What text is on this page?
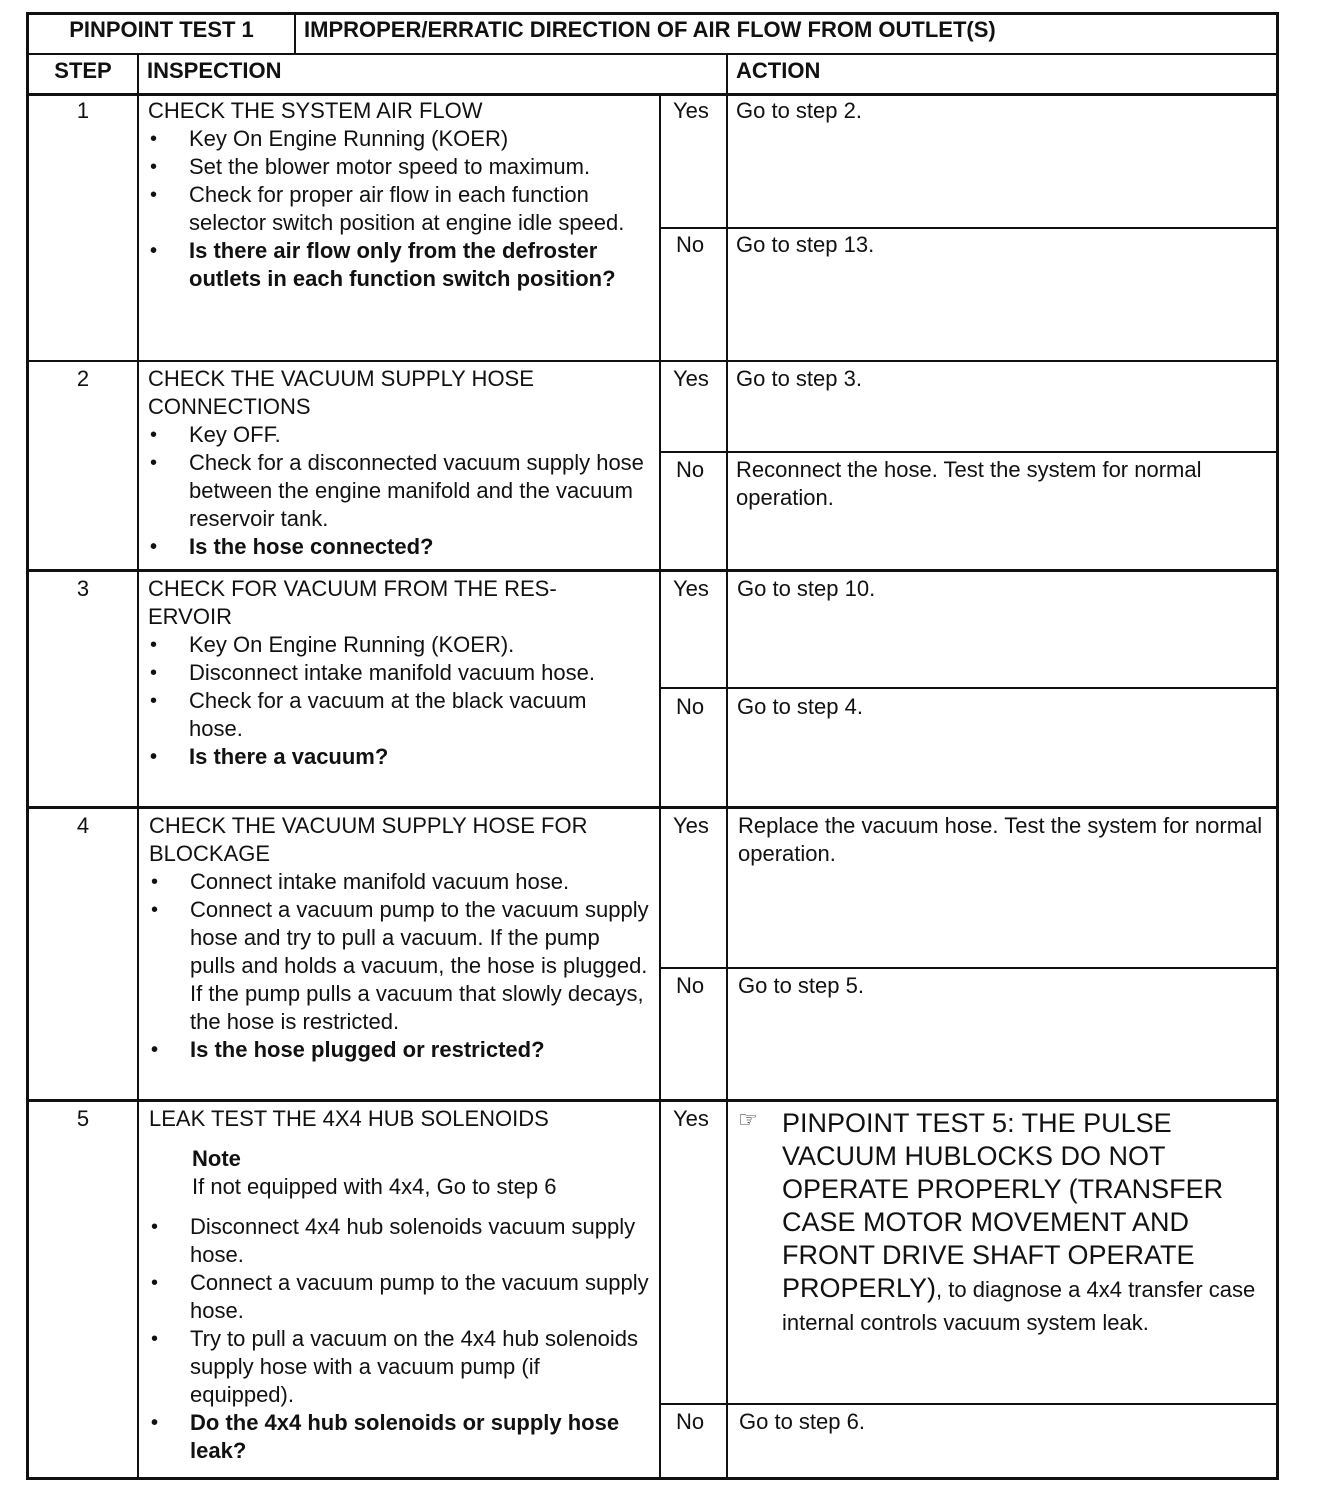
PINPOINT TEST 1	IMPROPER/ERRATIC DIRECTION OF AIR FLOW FROM OUTLET(S)
STEP	INSPECTION	ACTION
1	CHECK THE SYSTEM AIR FLOW
• Key On Engine Running (KOER)
• Set the blower motor speed to maximum.
• Check for proper air flow in each function selector switch position at engine idle speed.
• Is there air flow only from the defroster outlets in each function switch position?
Yes	Go to step 2.
No	Go to step 13.
2	CHECK THE VACUUM SUPPLY HOSE CONNECTIONS
• Key OFF.
• Check for a disconnected vacuum supply hose between the engine manifold and the vacuum reservoir tank.
• Is the hose connected?
Yes	Go to step 3.
No	Reconnect the hose. Test the system for normal operation.
3	CHECK FOR VACUUM FROM THE RES-ERVOIR
• Key On Engine Running (KOER).
• Disconnect intake manifold vacuum hose.
• Check for a vacuum at the black vacuum hose.
• Is there a vacuum?
Yes	Go to step 10.
No	Go to step 4.
4	CHECK THE VACUUM SUPPLY HOSE FOR BLOCKAGE
• Connect intake manifold vacuum hose.
• Connect a vacuum pump to the vacuum supply hose and try to pull a vacuum. If the pump pulls and holds a vacuum, the hose is plugged. If the pump pulls a vacuum that slowly decays, the hose is restricted.
• Is the hose plugged or restricted?
Yes	Replace the vacuum hose. Test the system for normal operation.
No	Go to step 5.
5	LEAK TEST THE 4X4 HUB SOLENOIDS
Note
If not equipped with 4x4, Go to step 6
• Disconnect 4x4 hub solenoids vacuum supply hose.
• Connect a vacuum pump to the vacuum supply hose.
• Try to pull a vacuum on the 4x4 hub solenoids supply hose with a vacuum pump (if equipped).
• Do the 4x4 hub solenoids or supply hose leak?
Yes	☞ PINPOINT TEST 5: THE PULSE VACUUM HUBLOCKS DO NOT OPERATE PROPERLY (TRANSFER CASE MOTOR MOVEMENT AND FRONT DRIVE SHAFT OPERATE PROPERLY), to diagnose a 4x4 transfer case internal controls vacuum system leak.
No	Go to step 6.
